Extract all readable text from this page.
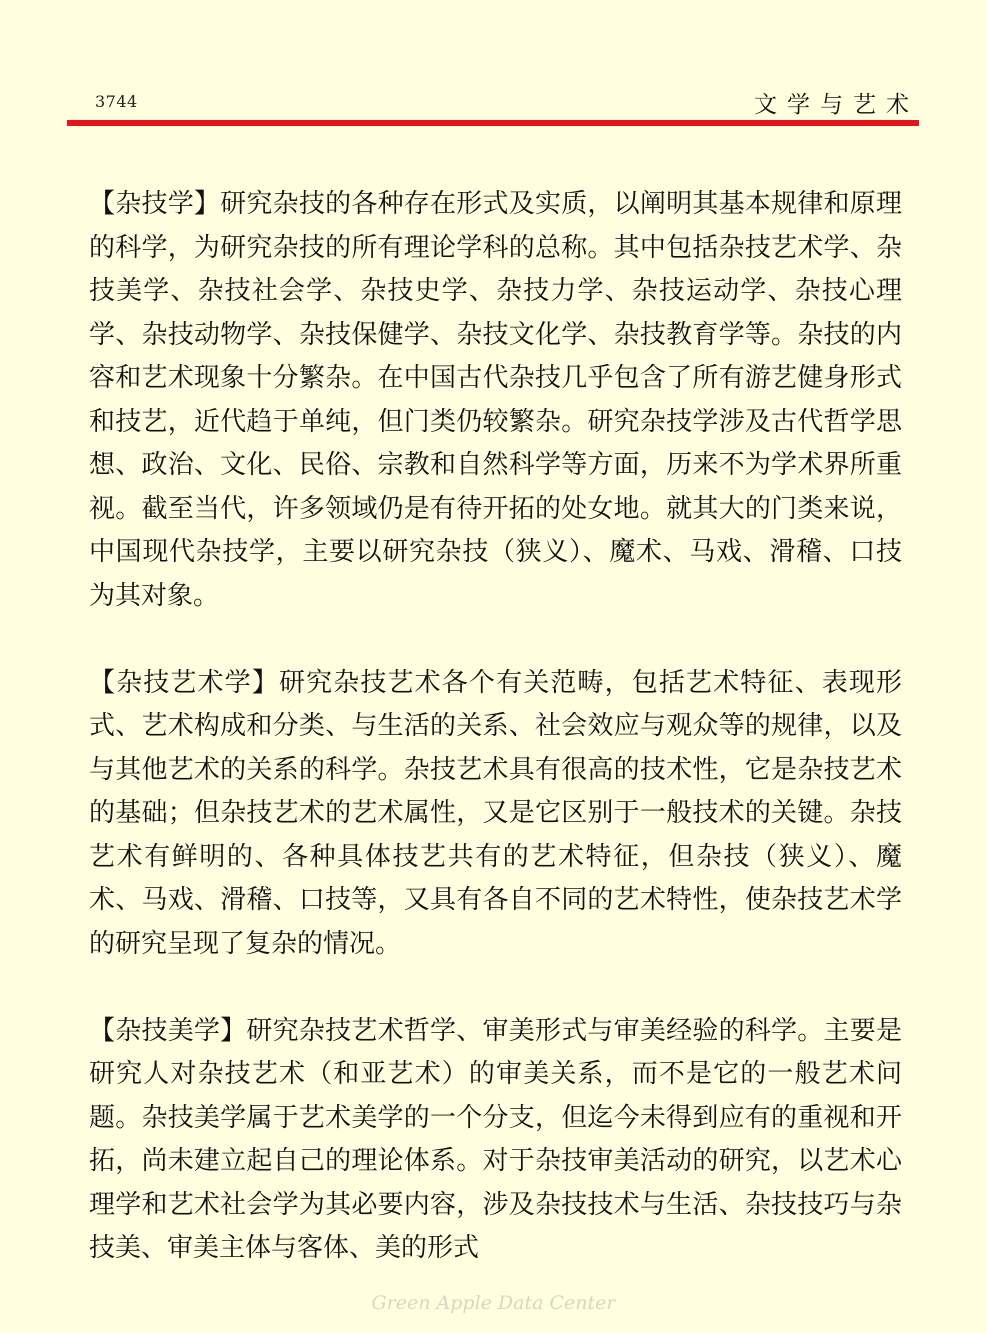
3744	文学与艺术

【杂技学】研究杂技的各种存在形式及实质，以阐明其基本规律和原理的科学，为研究杂技的所有理论学科的总称。其中包括杂技艺术学、杂技美学、杂技社会学、杂技史学、杂技力学、杂技运动学、杂技心理学、杂技动物学、杂技保健学、杂技文化学、杂技教育学等。杂技的内容和艺术现象十分繁杂。在中国古代杂技几乎包含了所有游艺健身形式和技艺，近代趋于单纯，但门类仍较繁杂。研究杂技学涉及古代哲学思想、政治、文化、民俗、宗教和自然科学等方面，历来不为学术界所重视。截至当代，许多领域仍是有待开拓的处女地。就其大的门类来说，中国现代杂技学，主要以研究杂技（狭义）、魔术、马戏、滑稽、口技为其对象。

【杂技艺术学】研究杂技艺术各个有关范畴，包括艺术特征、表现形式、艺术构成和分类、与生活的关系、社会效应与观众等的规律，以及与其他艺术的关系的科学。杂技艺术具有很高的技术性，它是杂技艺术的基础；但杂技艺术的艺术属性，又是它区别于一般技术的关键。杂技艺术有鲜明的、各种具体技艺共有的艺术特征，但杂技（狭义）、魔术、马戏、滑稽、口技等，又具有各自不同的艺术特性，使杂技艺术学的研究呈现了复杂的情况。

【杂技美学】研究杂技艺术哲学、审美形式与审美经验的科学。主要是研究人对杂技艺术（和亚艺术）的审美关系，而不是它的一般艺术问题。杂技美学属于艺术美学的一个分支，但迄今未得到应有的重视和开拓，尚未建立起自己的理论体系。对于杂技审美活动的研究，以艺术心理学和艺术社会学为其必要内容，涉及杂技技术与生活、杂技技巧与杂技美、审美主体与客体、美的形式

Green Apple Data Center
